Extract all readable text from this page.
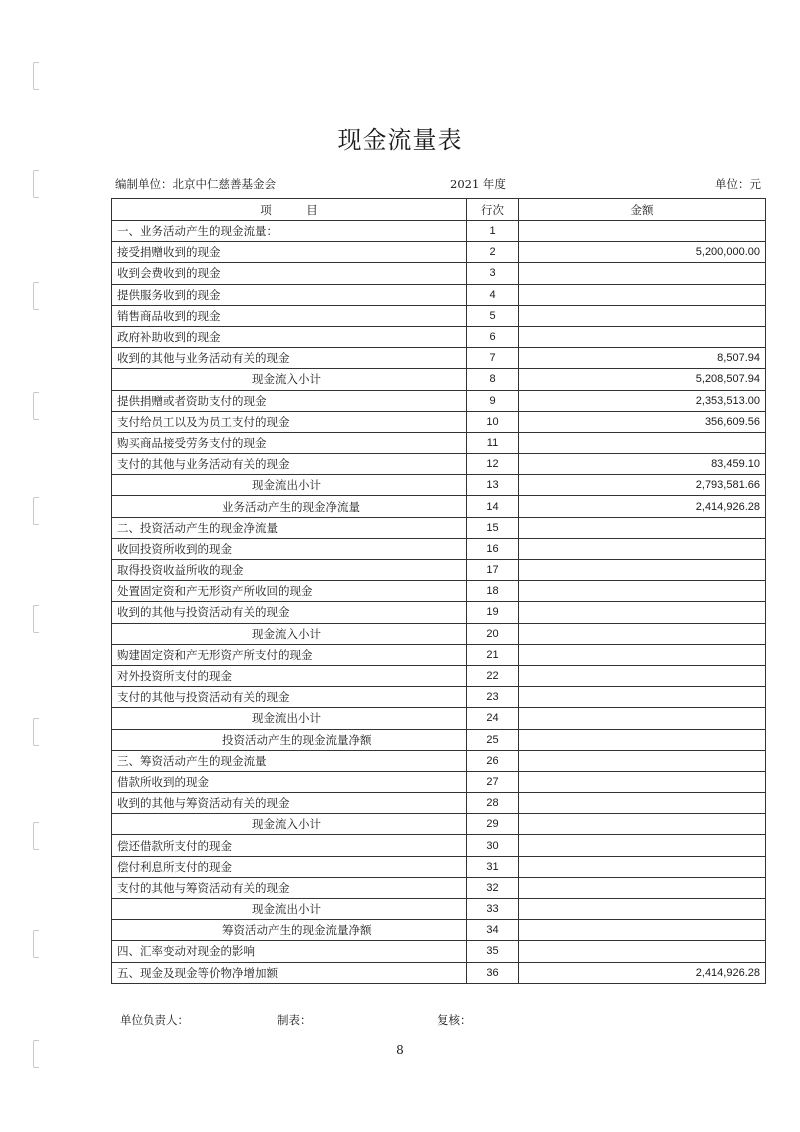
现金流量表
编制单位：北京中仁慈善基金会	2021 年度	单位：元
项　　　目	行次	金额
一、业务活动产生的现金流量：	1	
接受捐赠收到的现金	2	5,200,000.00
收到会费收到的现金	3	
提供服务收到的现金	4	
销售商品收到的现金	5	
政府补助收到的现金	6	
收到的其他与业务活动有关的现金	7	8,507.94
现金流入小计	8	5,208,507.94
提供捐赠或者资助支付的现金	9	2,353,513.00
支付给员工以及为员工支付的现金	10	356,609.56
购买商品接受劳务支付的现金	11	
支付的其他与业务活动有关的现金	12	83,459.10
现金流出小计	13	2,793,581.66
业务活动产生的现金净流量	14	2,414,926.28
二、投资活动产生的现金净流量	15	
收回投资所收到的现金	16	
取得投资收益所收的现金	17	
处置固定资和产无形资产所收回的现金	18	
收到的其他与投资活动有关的现金	19	
现金流入小计	20	
购建固定资和产无形资产所支付的现金	21	
对外投资所支付的现金	22	
支付的其他与投资活动有关的现金	23	
现金流出小计	24	
投资活动产生的现金流量净额	25	
三、筹资活动产生的现金流量	26	
借款所收到的现金	27	
收到的其他与筹资活动有关的现金	28	
现金流入小计	29	
偿还借款所支付的现金	30	
偿付利息所支付的现金	31	
支付的其他与筹资活动有关的现金	32	
现金流出小计	33	
筹资活动产生的现金流量净额	34	
四、汇率变动对现金的影响	35	
五、现金及现金等价物净增加额	36	2,414,926.28
单位负责人：	制表：	复核：
8
